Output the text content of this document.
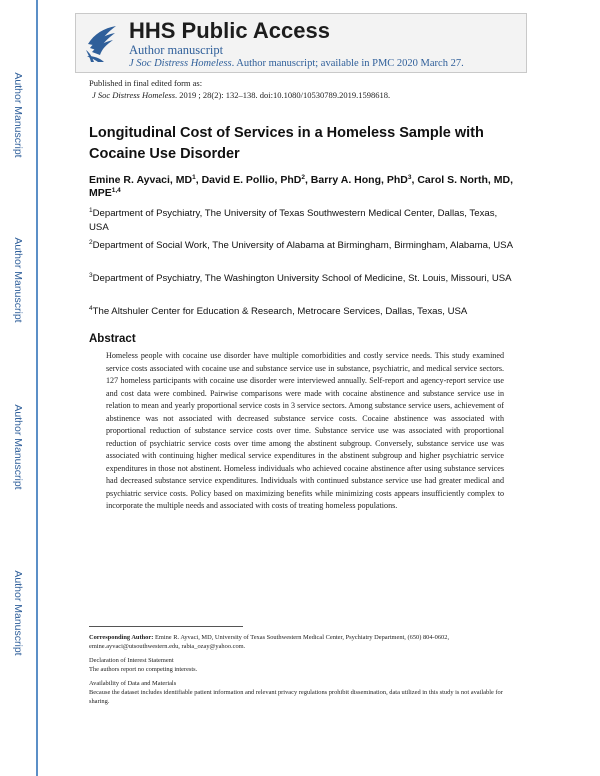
Author Manuscript
Author Manuscript
Author Manuscript
Author Manuscript
HHS Public Access
Author manuscript
J Soc Distress Homeless. Author manuscript; available in PMC 2020 March 27.
Published in final edited form as:
J Soc Distress Homeless. 2019 ; 28(2): 132–138. doi:10.1080/10530789.2019.1598618.
Longitudinal Cost of Services in a Homeless Sample with Cocaine Use Disorder
Emine R. Ayvaci, $MD^1$, David E. Pollio, PhD$^2$, Barry A. Hong, PhD$^3$, Carol S. North, MD, MPE$^{1,4}$
$^1$Department of Psychiatry, The University of Texas Southwestern Medical Center, Dallas, Texas, USA
$^2$Department of Social Work, The University of Alabama at Birmingham, Birmingham, Alabama, USA
$^3$Department of Psychiatry, The Washington University School of Medicine, St. Louis, Missouri, USA
$^4$The Altshuler Center for Education & Research, Metrocare Services, Dallas, Texas, USA
Abstract
Homeless people with cocaine use disorder have multiple comorbidities and costly service needs. This study examined service costs associated with cocaine use and substance service use in substance, psychiatric, and medical service sectors. 127 homeless participants with cocaine use disorder were interviewed annually. Self-report and agency-report service use and cost data were combined. Pairwise comparisons were made with cocaine abstinence and substance service use in relation to mean and yearly proportional service costs in 3 service sectors. Among substance service users, achievement of abstinence was not associated with decreased substance service costs. Cocaine abstinence was associated with proportional reduction of substance service costs over time. Substance service use was associated with proportional reduction of psychiatric service costs over time among the abstinent subgroup. Conversely, substance service use was associated with continuing higher medical service expenditures in the abstinent subgroup and higher psychiatric service expenditures in those not abstinent. Homeless individuals who achieved cocaine abstinence after using substance services had decreased substance service expenditures. Individuals with continued substance service use had greater medical and psychiatric service costs. Policy based on maximizing benefits while minimizing costs appears insufficiently complex to incorporate the multiple needs and associated with costs of treating homeless populations.

Corresponding Author: Emine R. Ayvaci, MD, University of Texas Southwestern Medical Center, Psychiatry Department, (650) 804-0602, emine.ayvaci@utsouthwestern.edu, rabia_ozay@yahoo.com.

Declaration of Interest Statement

The authors report no competing interests.

Availability of Data and Materials

Because the dataset includes identifiable patient information and relevant privacy regulations prohibit dissemination, data utilized in this study is not available for sharing.
